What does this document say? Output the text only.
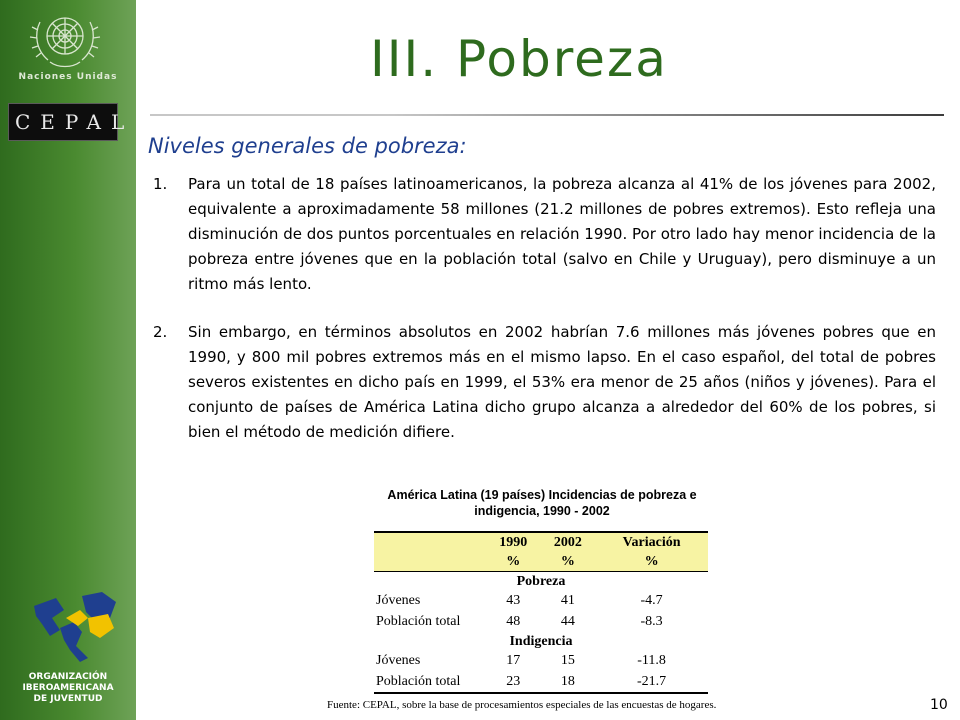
Naciones Unidas
CEPAL
ORGANIZACIÓN
IBEROAMERICANA
DE JUVENTUD
III. Pobreza
Niveles generales de pobreza:
1.	Para un total de 18 países latinoamericanos, la pobreza alcanza al 41% de los jóvenes para 2002, equivalente a aproximadamente 58 millones (21.2 millones de pobres extremos). Esto refleja una disminución de dos puntos porcentuales en relación 1990. Por otro lado hay menor incidencia de la pobreza entre jóvenes que en la población total (salvo en Chile y Uruguay), pero disminuye a un ritmo más lento.
2.	Sin embargo, en términos absolutos en 2002 habrían 7.6 millones más jóvenes pobres que en 1990, y 800 mil pobres extremos más en el mismo lapso. En el caso español, del total de pobres severos existentes en dicho país en 1999, el 53% era menor de 25 años (niños y jóvenes). Para el conjunto de países de América Latina dicho grupo alcanza a alrededor del 60% de los pobres, si bien el método de medición difiere.
América Latina (19 países) Incidencias de pobreza e indigencia, 1990 - 2002
	1990	2002	Variación
	%	%	%
Pobreza			
Jóvenes	43	41	-4.7
Población total	48	44	-8.3
Indigencia			
Jóvenes	17	15	-11.8
Población total	23	18	-21.7
Fuente: CEPAL, sobre la base de procesamientos especiales de las encuestas de hogares.	10
